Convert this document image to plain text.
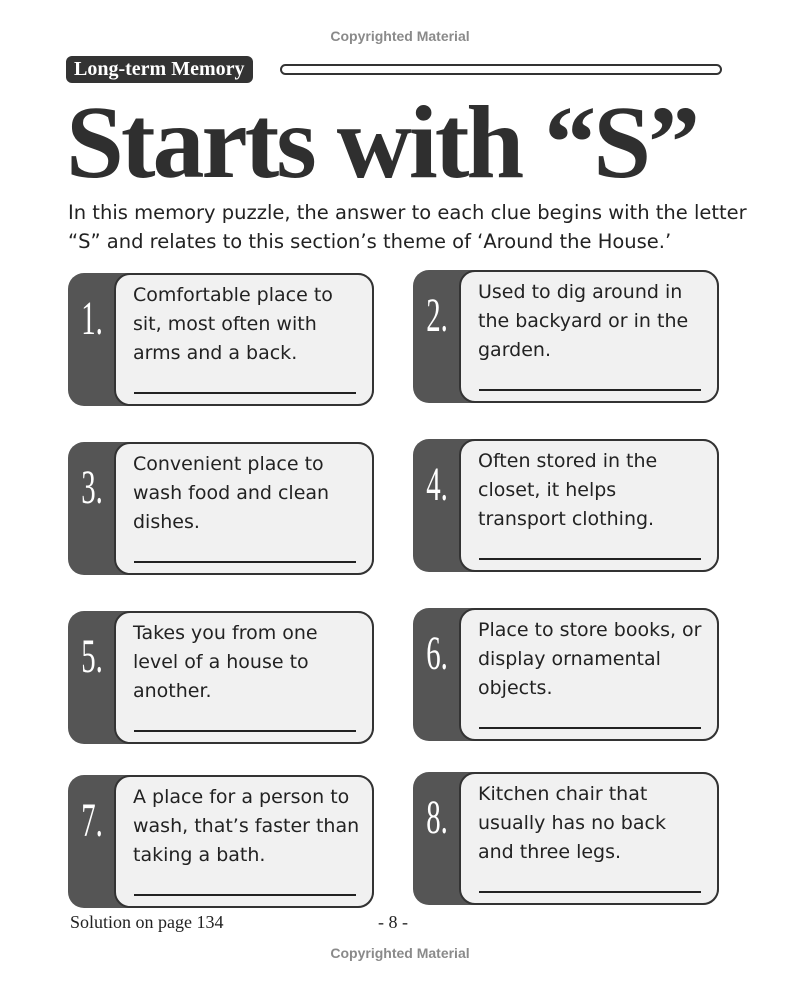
Copyrighted Material
Long-term Memory
Starts with “S”
In this memory puzzle, the answer to each clue begins with the letter “S” and relates to this section’s theme of ‘Around the House.’
1. Comfortable place to sit, most often with arms and a back.
2. Used to dig around in the backyard or in the garden.
3. Convenient place to wash food and clean dishes.
4. Often stored in the closet, it helps transport clothing.
5. Takes you from one level of a house to another.
6. Place to store books, or display ornamental objects.
7. A place for a person to wash, that’s faster than taking a bath.
8. Kitchen chair that usually has no back and three legs.
Solution on page 134	- 8 -
Copyrighted Material
